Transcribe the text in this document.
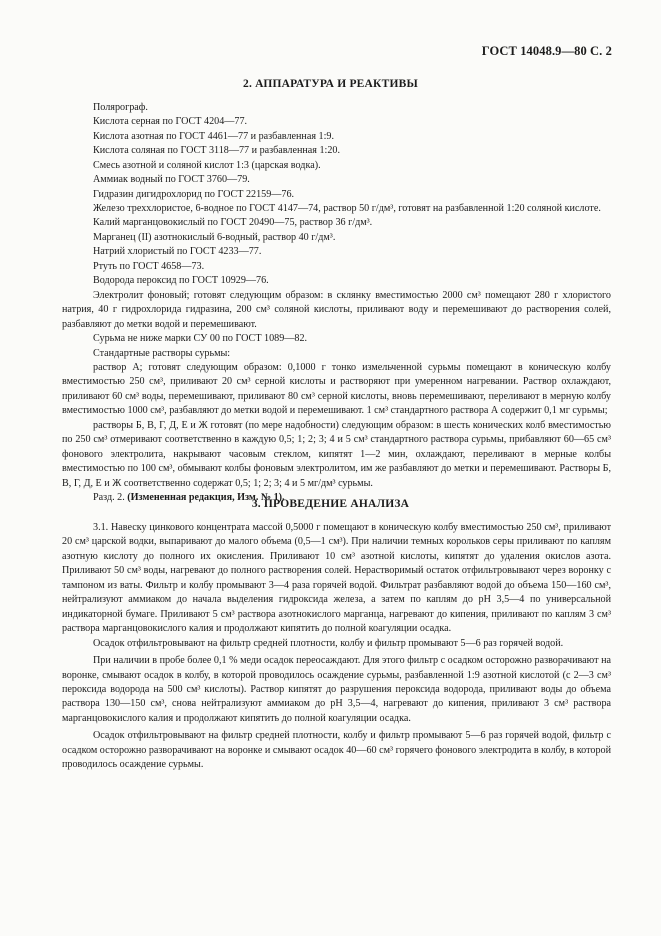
ГОСТ 14048.9—80 С. 2
2. АППАРАТУРА И РЕАКТИВЫ
Полярограф.
Кислота серная по ГОСТ 4204—77.
Кислота азотная по ГОСТ 4461—77 и разбавленная 1:9.
Кислота соляная по ГОСТ 3118—77 и разбавленная 1:20.
Смесь азотной и соляной кислот 1:3 (царская водка).
Аммиак водный по ГОСТ 3760—79.
Гидразин дигидрохлорид по ГОСТ 22159—76.
Железо треххлористое, 6-водное по ГОСТ 4147—74, раствор 50 г/дм³, готовят на разбавленной 1:20 соляной кислоте.
Калий марганцовокислый по ГОСТ 20490—75, раствор 36 г/дм³.
Марганец (II) азотнокислый 6-водный, раствор 40 г/дм³.
Натрий хлористый по ГОСТ 4233—77.
Ртуть по ГОСТ 4658—73.
Водорода пероксид по ГОСТ 10929—76.
Электролит фоновый; готовят следующим образом: в склянку вместимостью 2000 см³ помещают 280 г хлористого натрия, 40 г гидрохлорида гидразина, 200 см³ соляной кислоты, приливают воду и перемешивают до растворения солей, разбавляют до метки водой и перемешивают.
Сурьма не ниже марки СУ 00 по ГОСТ 1089—82.
Стандартные растворы сурьмы:
раствор А; готовят следующим образом: 0,1000 г тонко измельченной сурьмы помещают в коническую колбу вместимостью 250 см³, приливают 20 см³ серной кислоты и растворяют при умеренном нагревании. Раствор охлаждают, приливают 60 см³ воды, перемешивают, приливают 80 см³ серной кислоты, вновь перемешивают, переливают в мерную колбу вместимостью 1000 см³, разбавляют до метки водой и перемешивают. 1 см³ стандартного раствора А содержит 0,1 мг сурьмы;
растворы Б, В, Г, Д, Е и Ж готовят (по мере надобности) следующим образом: в шесть конических колб вместимостью по 250 см³ отмеривают соответственно в каждую 0,5; 1; 2; 3; 4 и 5 см³ стандартного раствора сурьмы, прибавляют 60—65 см³ фонового электролита, накрывают часовым стеклом, кипятят 1—2 мин, охлаждают, переливают в мерные колбы вместимостью по 100 см³, обмывают колбы фоновым электролитом, им же разбавляют до метки и перемешивают. Растворы Б, В, Г, Д, Е и Ж соответственно содержат 0,5; 1; 2; 3; 4 и 5 мг/дм³ сурьмы.
Разд. 2. (Измененная редакция, Изм. № 1).
3. ПРОВЕДЕНИЕ АНАЛИЗА
3.1. Навеску цинкового концентрата массой 0,5000 г помещают в коническую колбу вместимостью 250 см³, приливают 20 см³ царской водки, выпаривают до малого объема (0,5—1 см³). При наличии темных корольков серы приливают по каплям азотную кислоту до полного их окисления. Приливают 10 см³ азотной кислоты, кипятят до удаления окислов азота. Приливают 50 см³ воды, нагревают до полного растворения солей. Нерастворимый остаток отфильтровывают через воронку с тампоном из ваты. Фильтр и колбу промывают 3—4 раза горячей водой. Фильтрат разбавляют водой до объема 150—160 см³, нейтрализуют аммиаком до начала выделения гидроксида железа, а затем по каплям до pH 3,5—4 по универсальной индикаторной бумаге. Приливают 5 см³ раствора азотнокислого марганца, нагревают до кипения, приливают по каплям 3 см³ раствора марганцовокислого калия и продолжают кипятить до полной коагуляции осадка.
Осадок отфильтровывают на фильтр средней плотности, колбу и фильтр промывают 5—6 раз горячей водой.
При наличии в пробе более 0,1 % меди осадок переосаждают. Для этого фильтр с осадком осторожно разворачивают на воронке, смывают осадок в колбу, в которой проводилось осаждение сурьмы, разбавленной 1:9 азотной кислотой (с 2—3 см³ пероксида водорода на 500 см³ кислоты). Раствор кипятят до разрушения пероксида водорода, приливают воды до объема раствора 130—150 см³, снова нейтрализуют аммиаком до pH 3,5—4, нагревают до кипения, приливают 3 см³ раствора марганцовокислого калия и продолжают кипятить до полной коагуляции осадка.
Осадок отфильтровывают на фильтр средней плотности, колбу и фильтр промывают 5—6 раз горячей водой, фильтр с осадком осторожно разворачивают на воронке и смывают осадок 40—60 см³ горячего фонового электродита в колбу, в которой проводилось осаждение сурьмы.
